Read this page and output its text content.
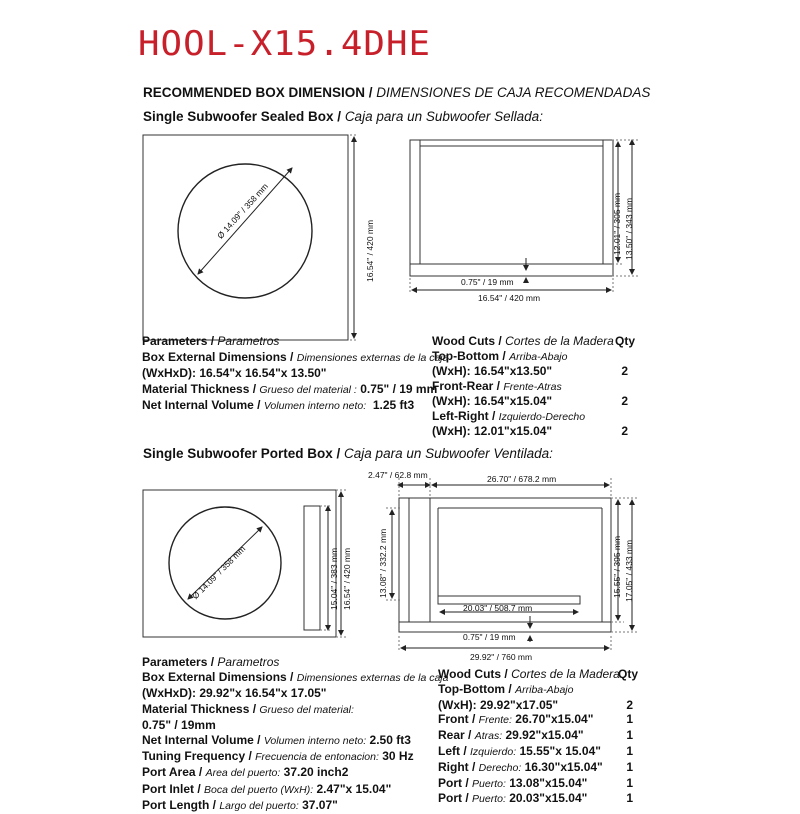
HOOL-X15.4DHE
RECOMMENDED BOX DIMENSION / DIMENSIONES DE CAJA RECOMENDADAS
Single Subwoofer Sealed Box / Caja para un Subwoofer Sellada:
Ø 14.09" / 358 mm
16.54" / 420 mm	12.01" / 305 mm 13.50" / 343 mm
0.75" / 19 mm
16.54" / 420 mm
Parameters / Parametros
Box External Dimensions / Dimensiones externas de la caja
(WxHxD): 16.54"x 16.54"x 13.50"
Material Thickness / Grueso del material : 0.75" / 19 mm
Net Internal Volume / Volumen interno neto: 1.25 ft3
Wood Cuts / Cortes de la Madera Qty
Top-Bottom / Arriba-Abajo
(WxH): 16.54"x13.50"	2
Front-Rear / Frente-Atras
(WxH): 16.54"x15.04"	2
Left-Right / Izquierdo-Derecho
(WxH): 12.01"x15.04"	2
Single Subwoofer Ported Box / Caja para un Subwoofer Ventilada:
Ø 14.09" / 358 mm	15.04" / 383 mm 16.54" / 420 mm
2.47" / 62.8 mm	26.70" / 678.2 mm
13.08" / 332.2 mm
20.03" / 508.7 mm
15.55" / 395 mm 17.05" / 433 mm
0.75" / 19 mm
29.92" / 760 mm
Parameters / Parametros
Box External Dimensions / Dimensiones externas de la caja
(WxHxD): 29.92"x 16.54"x 17.05"
Material Thickness / Grueso del material:
0.75" / 19mm
Net Internal Volume / Volumen interno neto: 2.50 ft3
Tuning Frequency / Frecuencia de entonacion: 30 Hz
Port Area / Area del puerto: 37.20 inch2
Port Inlet / Boca del puerto (WxH): 2.47"x 15.04"
Port Length / Largo del puerto: 37.07"
Wood Cuts / Cortes de la Madera
Qty
Top-Bottom / Arriba-Abajo
(WxH): 29.92"x17.05"	2
Front / Frente: 26.70"x15.04"	1
Rear / Atras: 29.92"x15.04"	1
Left / Izquierdo: 15.55"x 15.04" 1
Right / Derecho: 16.30"x15.04" 1
Port / Puerto: 13.08"x15.04"	1
Port / Puerto: 20.03"x15.04"	1
